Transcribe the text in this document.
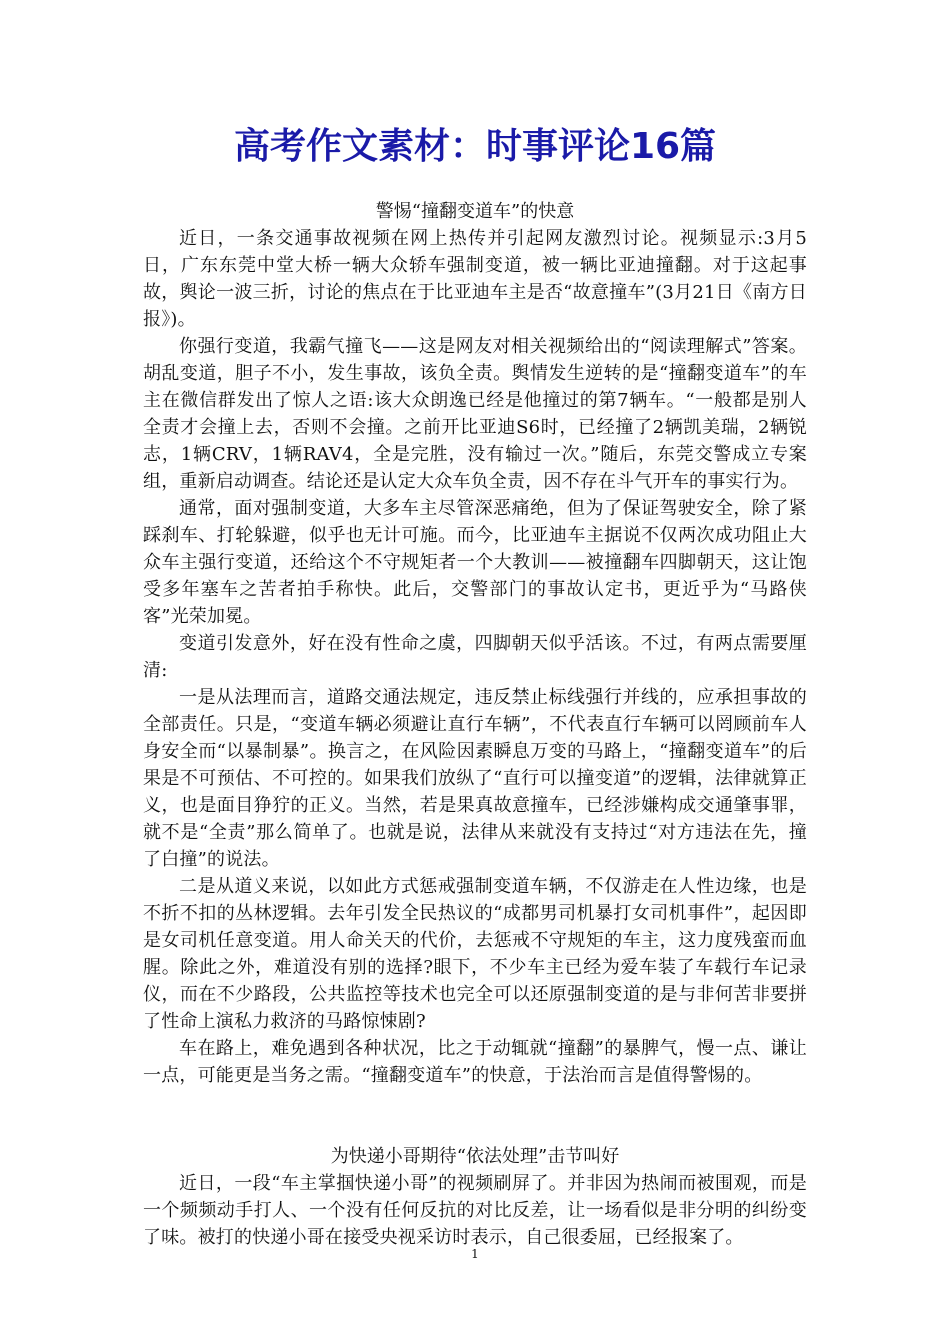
高考作文素材：时事评论16篇
警惕“撞翻变道车”的快意

近日，一条交通事故视频在网上热传并引起网友激烈讨论。视频显示:3月5日，广东东莞中堂大桥一辆大众轿车强制变道，被一辆比亚迪撞翻。对于这起事故，舆论一波三折，讨论的焦点在于比亚迪车主是否“故意撞车”(3月21日《南方日报》)。

你强行变道，我霸气撞飞——这是网友对相关视频给出的“阅读理解式”答案。胡乱变道，胆子不小，发生事故，该负全责。舆情发生逆转的是“撞翻变道车”的车主在微信群发出了惊人之语:该大众朗逸已经是他撞过的第7辆车。“一般都是别人全责才会撞上去，否则不会撞。之前开比亚迪S6时，已经撞了2辆凯美瑞，2辆锐志，1辆CRV，1辆RAV4，全是完胜，没有输过一次。”随后，东莞交警成立专案组，重新启动调查。结论还是认定大众车负全责，因不存在斗气开车的事实行为。

通常，面对强制变道，大多车主尽管深恶痛绝，但为了保证驾驶安全，除了紧踩刹车、打轮躲避，似乎也无计可施。而今，比亚迪车主据说不仅两次成功阻止大众车主强行变道，还给这个不守规矩者一个大教训——被撞翻车四脚朝天，这让饱受多年塞车之苦者拍手称快。此后，交警部门的事故认定书，更近乎为“马路侠客”光荣加冕。

变道引发意外，好在没有性命之虞，四脚朝天似乎活该。不过，有两点需要厘清:

一是从法理而言，道路交通法规定，违反禁止标线强行并线的，应承担事故的全部责任。只是，“变道车辆必须避让直行车辆”，不代表直行车辆可以罔顾前车人身安全而“以暴制暴”。换言之，在风险因素瞬息万变的马路上，“撞翻变道车”的后果是不可预估、不可控的。如果我们放纵了“直行可以撞变道”的逻辑，法律就算正义，也是面目狰狞的正义。当然，若是果真故意撞车，已经涉嫌构成交通肇事罪，就不是“全责”那么简单了。也就是说，法律从来就没有支持过“对方违法在先，撞了白撞”的说法。

二是从道义来说，以如此方式惩戒强制变道车辆，不仅游走在人性边缘，也是不折不扣的丛林逻辑。去年引发全民热议的“成都男司机暴打女司机事件”，起因即是女司机任意变道。用人命关天的代价，去惩戒不守规矩的车主，这力度残蛮而血腥。除此之外，难道没有别的选择?眼下，不少车主已经为爱车装了车载行车记录仪，而在不少路段，公共监控等技术也完全可以还原强制变道的是与非何苦非要拼了性命上演私力救济的马路惊悚剧?

车在路上，难免遇到各种状况，比之于动辄就“撞翻”的暴脾气，慢一点、谦让一点，可能更是当务之需。“撞翻变道车”的快意，于法治而言是值得警惕的。

为快递小哥期待“依法处理”击节叫好

近日，一段“车主掌掴快递小哥”的视频刷屏了。并非因为热闹而被围观，而是一个频频动手打人、一个没有任何反抗的对比反差，让一场看似是非分明的纠纷变了味。被打的快递小哥在接受央视采访时表示，自己很委屈，已经报案了。

1
